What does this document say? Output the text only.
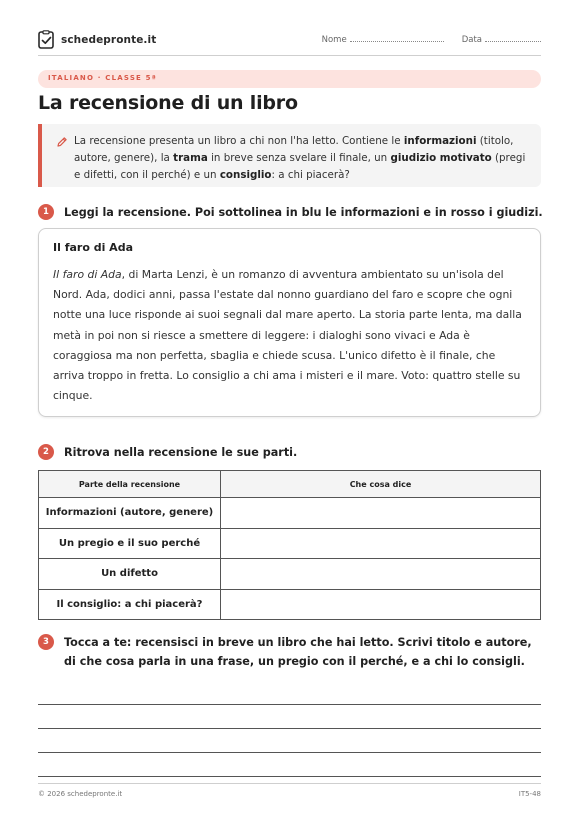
schedepronte.it	Nome	Data
ITALIANO · CLASSE 5ª
La recensione di un libro
La recensione presenta un libro a chi non l'ha letto. Contiene le informazioni (titolo, autore, genere), la trama in breve senza svelare il finale, un giudizio motivato (pregi e difetti, con il perché) e un consiglio: a chi piacerà?
1	Leggi la recensione. Poi sottolinea in blu le informazioni e in rosso i giudizi.
Il faro di Ada
Il faro di Ada, di Marta Lenzi, è un romanzo di avventura ambientato su un'isola del Nord. Ada, dodici anni, passa l'estate dal nonno guardiano del faro e scopre che ogni notte una luce risponde ai suoi segnali dal mare aperto. La storia parte lenta, ma dalla metà in poi non si riesce a smettere di leggere: i dialoghi sono vivaci e Ada è coraggiosa ma non perfetta, sbaglia e chiede scusa. L'unico difetto è il finale, che arriva troppo in fretta. Lo consiglio a chi ama i misteri e il mare. Voto: quattro stelle su cinque.
2	Ritrova nella recensione le sue parti.
Parte della recensione	Che cosa dice
Informazioni (autore, genere)	
Un pregio e il suo perché	
Un difetto	
Il consiglio: a chi piacerà?	
3	Tocca a te: recensisci in breve un libro che hai letto. Scrivi titolo e autore, di che cosa parla in una frase, un pregio con il perché, e a chi lo consigli.
© 2026 schedepronte.it	IT5-48
